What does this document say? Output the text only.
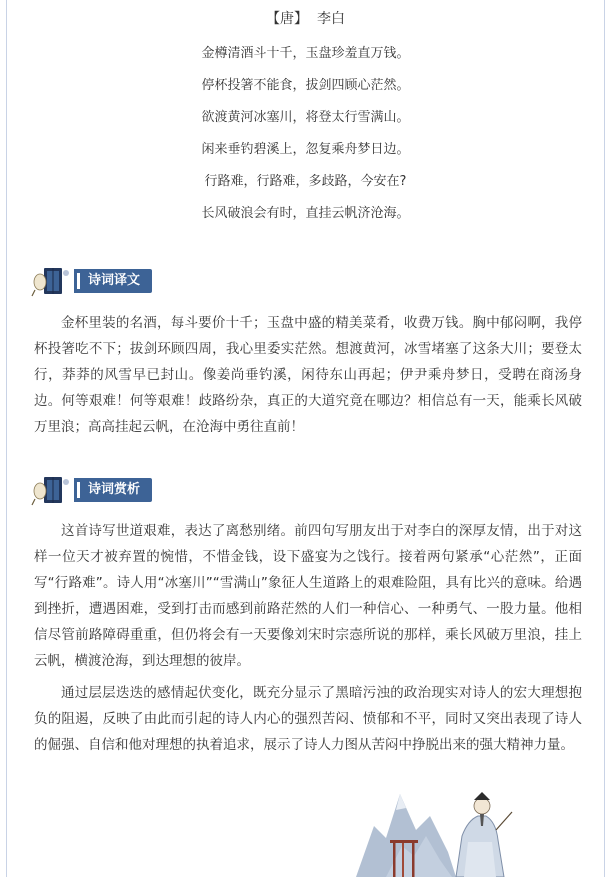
【唐】  李白
金樽清酒斗十千，玉盘珍羞直万钱。
停杯投箸不能食，拔剑四顾心茫然。
欲渡黄河冰塞川，将登太行雪满山。
闲来垂钓碧溪上，忽复乘舟梦日边。
行路难，行路难，多歧路，今安在?
长风破浪会有时，直挂云帆济沧海。
诗词译文

金杯里装的名酒，每斗要价十千；玉盘中盛的精美菜肴，收费万钱。胸中郁闷啊，我停杯投箸吃不下；拔剑环顾四周，我心里委实茫然。想渡黄河，冰雪堵塞了这条大川；要登太行，莽莽的风雪早已封山。像姜尚垂钓溪，闲待东山再起；伊尹乘舟梦日，受聘在商汤身边。何等艰难！何等艰难！歧路纷杂，真正的大道究竟在哪边？相信总有一天，能乘长风破万里浪；高高挂起云帆，在沧海中勇往直前！

诗词赏析

这首诗写世道艰难，表达了离愁别绪。前四句写朋友出于对李白的深厚友情，出于对这样一位天才被弃置的惋惜，不惜金钱，设下盛宴为之饯行。接着两句紧承“心茫然”，正面写“行路难”。诗人用“冰塞川”“雪满山”象征人生道路上的艰难险阻，具有比兴的意味。给遇到挫折，遭遇困难，受到打击而感到前路茫然的人们一种信心、一种勇气、一股力量。他相信尽管前路障碍重重，但仍将会有一天要像刘宋时宗悫所说的那样，乘长风破万里浪，挂上云帆，横渡沧海，到达理想的彼岸。

通过层层迭迭的感情起伏变化，既充分显示了黑暗污浊的政治现实对诗人的宏大理想抱负的阻遏，反映了由此而引起的诗人内心的强烈苦闷、愤郁和不平，同时又突出表现了诗人的倔强、自信和他对理想的执着追求，展示了诗人力图从苦闷中挣脱出来的强大精神力量。
